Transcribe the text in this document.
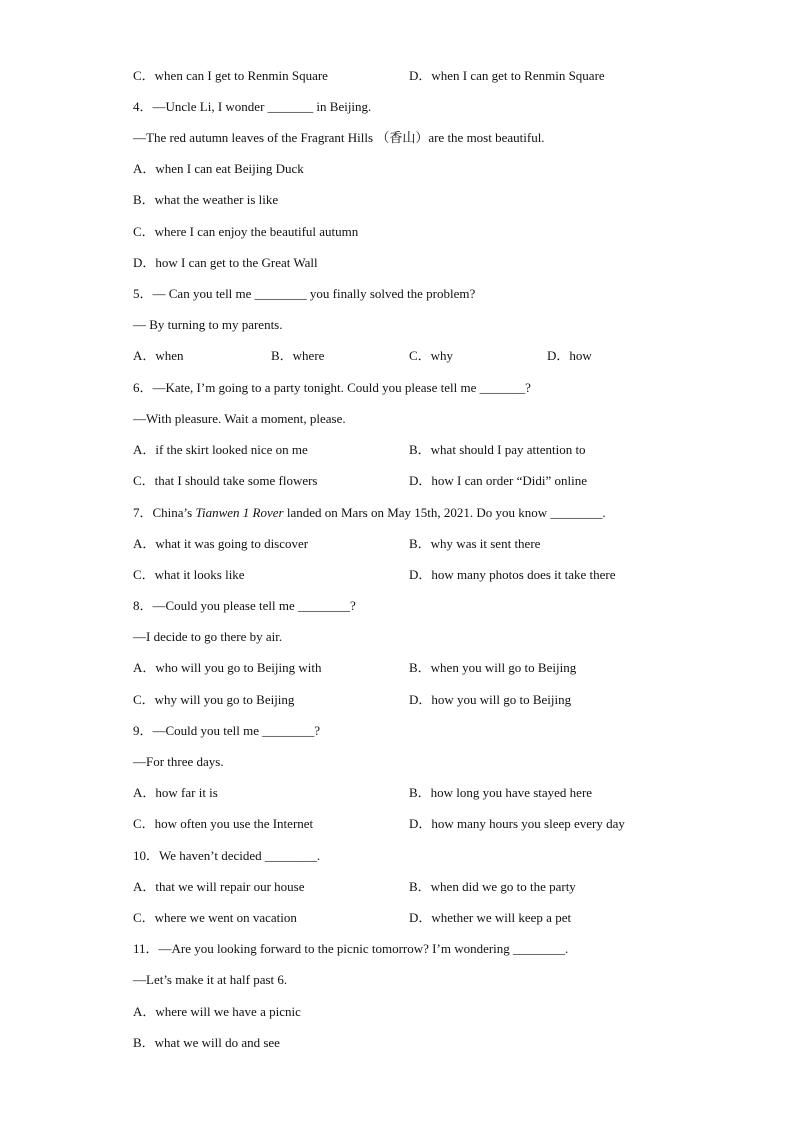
C．when can I get to Renmin Square	D．when I can get to Renmin Square
4．—Uncle Li, I wonder _______ in Beijing.
—The red autumn leaves of the Fragrant Hills （香山）are the most beautiful.
A．when I can eat Beijing Duck
B．what the weather is like
C．where I can enjoy the beautiful autumn
D．how I can get to the Great Wall
5．— Can you tell me ________ you finally solved the problem?
— By turning to my parents.
A．when	B．where	C．why	D．how
6．—Kate, I’m going to a party tonight. Could you please tell me _______?
—With pleasure. Wait a moment, please.
A．if the skirt looked nice on me	B．what should I pay attention to
C．that I should take some flowers	D．how I can order “Didi” online
7．China’s Tianwen 1 Rover landed on Mars on May 15th, 2021. Do you know ________.
A．what it was going to discover	B．why was it sent there
C．what it looks like	D．how many photos does it take there
8．—Could you please tell me ________?
—I decide to go there by air.
A．who will you go to Beijing with	B．when you will go to Beijing
C．why will you go to Beijing	D．how you will go to Beijing
9．—Could you tell me ________?
—For three days.
A．how far it is	B．how long you have stayed here
C．how often you use the Internet	D．how many hours you sleep every day
10．We haven’t decided ________.
A．that we will repair our house	B．when did we go to the party
C．where we went on vacation	D．whether we will keep a pet
11．—Are you looking forward to the picnic tomorrow? I’m wondering ________.
—Let’s make it at half past 6.
A．where will we have a picnic
B．what we will do and see
